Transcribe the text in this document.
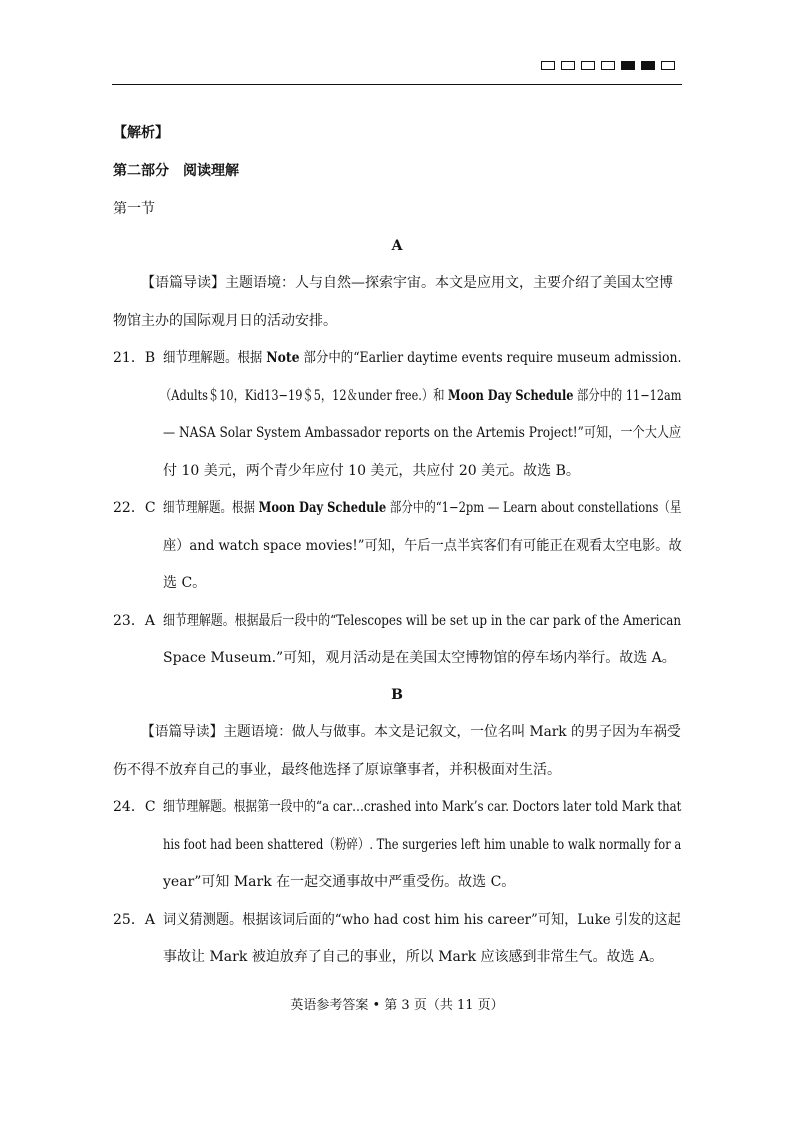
【解析】
第二部分　阅读理解
第一节
A
【语篇导读】主题语境：人与自然—探索宇宙。本文是应用文，主要介绍了美国太空博
物馆主办的国际观月日的活动安排。
21．B 细节理解题。根据 Note 部分中的“Earlier daytime events require museum admission.
（Adults＄10，Kid13−19＄5，12＆under free.）和 Moon Day Schedule 部分中的 11−12am
— NASA Solar System Ambassador reports on the Artemis Project!”可知，一个大人应
付 10 美元，两个青少年应付 10 美元，共应付 20 美元。故选 B。
22．C 细节理解题。根据 Moon Day Schedule 部分中的“1−2pm — Learn about constellations（星
座）and watch space movies!”可知，午后一点半宾客们有可能正在观看太空电影。故
选 C。
23．A 细节理解题。根据最后一段中的“Telescopes will be set up in the car park of the American
Space Museum.”可知，观月活动是在美国太空博物馆的停车场内举行。故选 A。
B
【语篇导读】主题语境：做人与做事。本文是记叙文，一位名叫 Mark 的男子因为车祸受
伤不得不放弃自己的事业，最终他选择了原谅肇事者，并积极面对生活。
24．C 细节理解题。根据第一段中的“a car…crashed into Mark’s car. Doctors later told Mark that
his foot had been shattered（粉碎）. The surgeries left him unable to walk normally for a
year”可知 Mark 在一起交通事故中严重受伤。故选 C。
25．A 词义猜测题。根据该词后面的“who had cost him his career”可知，Luke 引发的这起
事故让 Mark 被迫放弃了自己的事业，所以 Mark 应该感到非常生气。故选 A。
英语参考答案 • 第 3 页（共 11 页）
